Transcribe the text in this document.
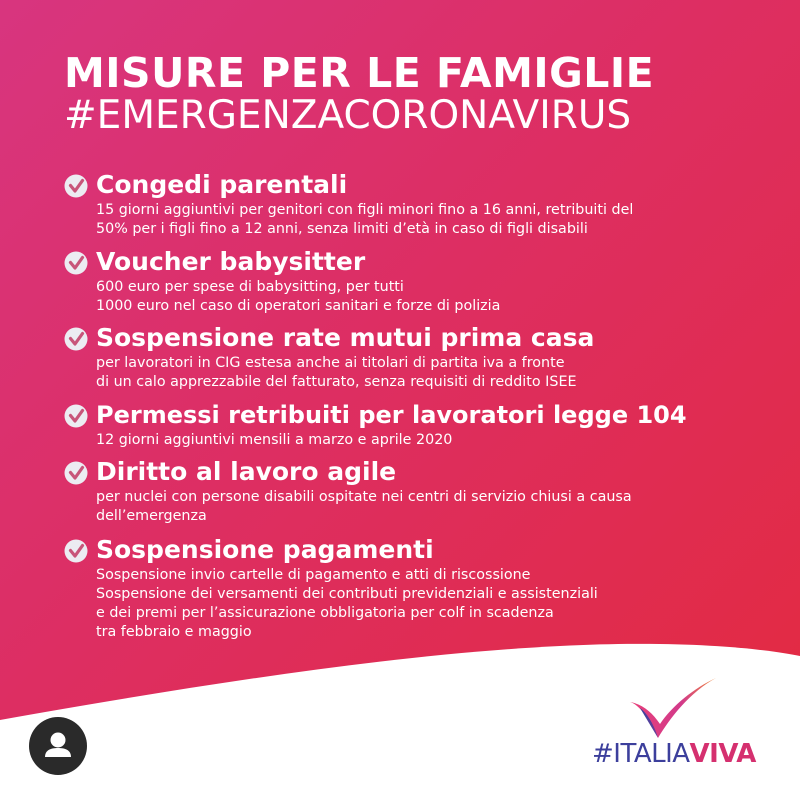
MISURE PER LE FAMIGLIE
#EMERGENZACORONAVIRUS

Congedi parentali

15 giorni aggiuntivi per genitori con figli minori fino a 16 anni, retribuiti del
50% per i figli fino a 12 anni, senza limiti d’età in caso di figli disabili

Voucher babysitter

600 euro per spese di babysitting, per tutti
1000 euro nel caso di operatori sanitari e forze di polizia

Sospensione rate mutui prima casa

per lavoratori in CIG estesa anche ai titolari di partita iva a fronte
di un calo apprezzabile del fatturato, senza requisiti di reddito ISEE

Permessi retribuiti per lavoratori legge 104

12 giorni aggiuntivi mensili a marzo e aprile 2020

Diritto al lavoro agile

per nuclei con persone disabili ospitate nei centri di servizio chiusi a causa
dell’emergenza

Sospensione pagamenti

Sospensione invio cartelle di pagamento e atti di riscossione
Sospensione dei versamenti dei contributi previdenziali e assistenziali
e dei premi per l’assicurazione obbligatoria per colf in scadenza
tra febbraio e maggio

#ITALIAVIVA
